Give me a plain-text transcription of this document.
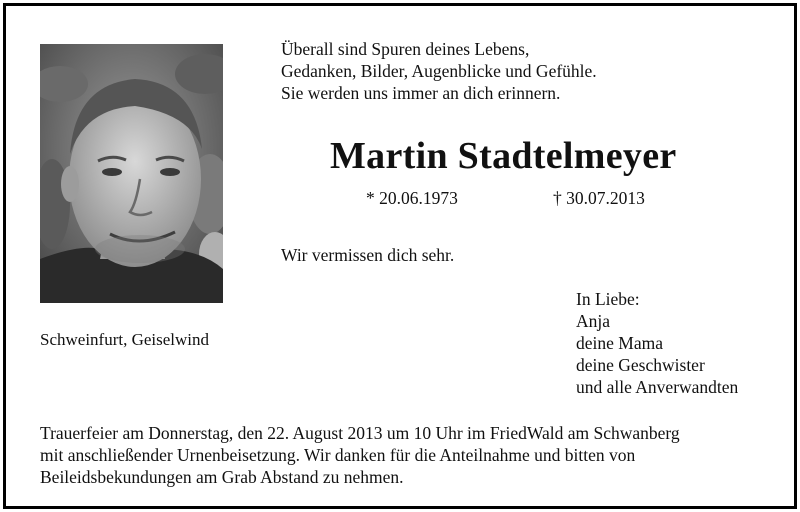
Schweinfurt, Geiselwind
Überall sind Spuren deines Lebens,
Gedanken, Bilder, Augenblicke und Gefühle.
Sie werden uns immer an dich erinnern.
Martin Stadtelmeyer
* 20.06.1973	† 30.07.2013
Wir vermissen dich sehr.
In Liebe:
Anja
deine Mama
deine Geschwister
und alle Anverwandten
Trauerfeier am Donnerstag, den 22. August 2013 um 10 Uhr im FriedWald am Schwanberg
mit anschließender Urnenbeisetzung. Wir danken für die Anteilnahme und bitten von
Beileidsbekundungen am Grab Abstand zu nehmen.
